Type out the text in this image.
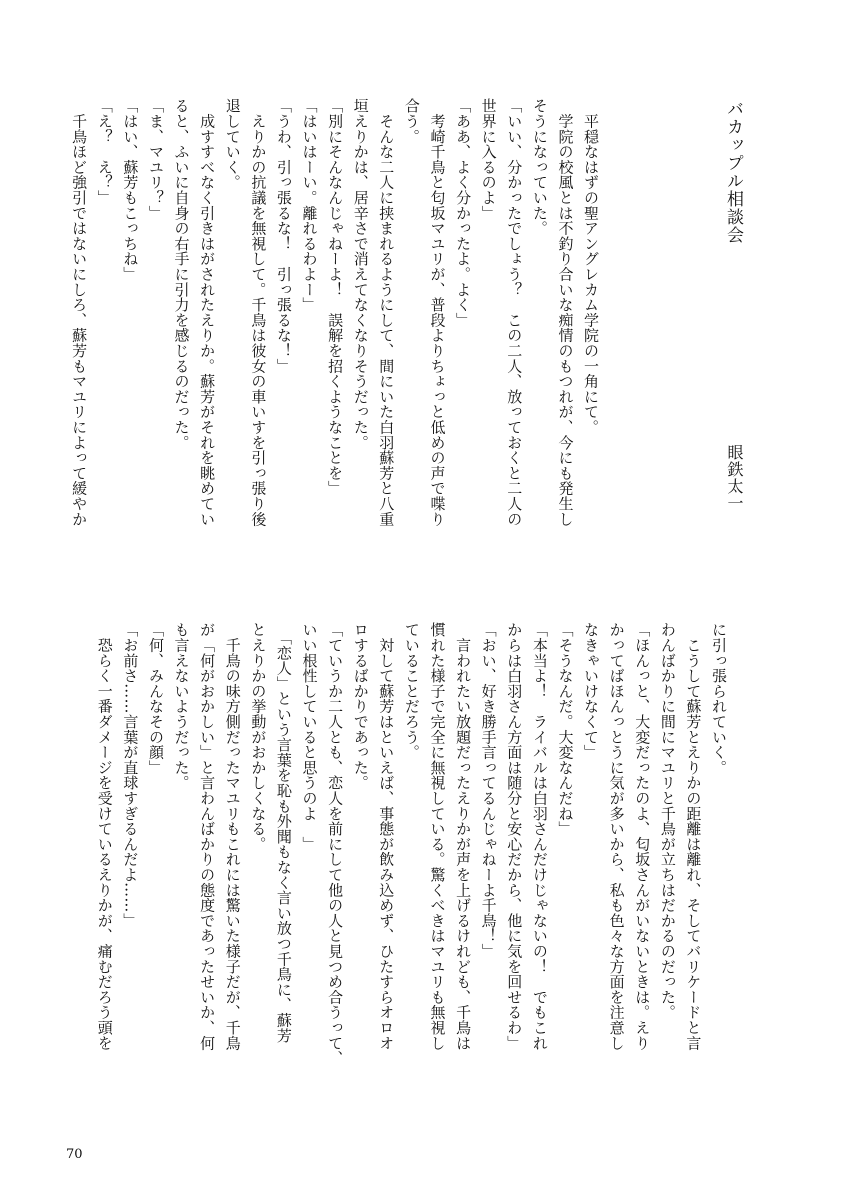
バカップル相談会
眼鉄太一

　平穏なはずの聖アングレカム学院の一角にて。
　学院の校風とは不釣り合いな痴情のもつれが、今にも発生し
そうになっていた。
「いい、分かったでしょう？　この二人、放っておくと二人の
世界に入るのよ」
「ああ、よく分かったよ。よく」
　考崎千鳥と匂坂マユリが、普段よりちょっと低めの声で喋り
合う。
　そんな二人に挟まれるようにして、間にいた白羽蘇芳と八重
垣えりかは、居辛さで消えてなくなりそうだった。
「別にそんなんじゃねーよ！　誤解を招くようなことを」
「はいはーい。離れるわよー」
「うわ、引っ張るな！　引っ張るな！」
　えりかの抗議を無視して。千鳥は彼女の車いすを引っ張り後
退していく。
　成すすべなく引きはがされたえりか。蘇芳がそれを眺めてい
ると、ふいに自身の右手に引力を感じるのだった。
「ま、マユリ？」
「はい、蘇芳もこっちね」
「え？　え？」
　千鳥ほど強引ではないにしろ、蘇芳もマユリによって緩やか
に引っ張られていく。
　こうして蘇芳とえりかの距離は離れ、そしてバリケードと言
わんばかりに間にマユリと千鳥が立ちはだかるのだった。
「ほんっと、大変だったのよ、匂坂さんがいないときは。えり
かってばほんっとうに気が多いから、私も色々な方面を注意し
なきゃいけなくて」
「そうなんだ。大変なんだね」
「本当よ！　ライバルは白羽さんだけじゃないの！　でもこれ
からは白羽さん方面は随分と安心だから、他に気を回せるわ」
「おい、好き勝手言ってるんじゃねーよ千鳥！」
　言われたい放題だったえりかが声を上げるけれども、千鳥は
慣れた様子で完全に無視している。驚くべきはマユリも無視し
ていることだろう。
　対して蘇芳はといえば、事態が飲み込めず、ひたすらオロオ
ロするばかりであった。
「ていうか二人とも、恋人を前にして他の人と見つめ合うって、
いい根性していると思うのよ　」
　「恋人」という言葉を恥も外聞もなく言い放つ千鳥に、蘇芳
とえりかの挙動がおかしくなる。
　千鳥の味方側だったマユリもこれには驚いた様子だが、千鳥
が「何がおかしい」と言わんばかりの態度であったせいか、何
も言えないようだった。
「何、みんなその顔」
「お前さ……言葉が直球すぎるんだよ……」
　恐らく一番ダメージを受けているえりかが、痛むだろう頭を
70
